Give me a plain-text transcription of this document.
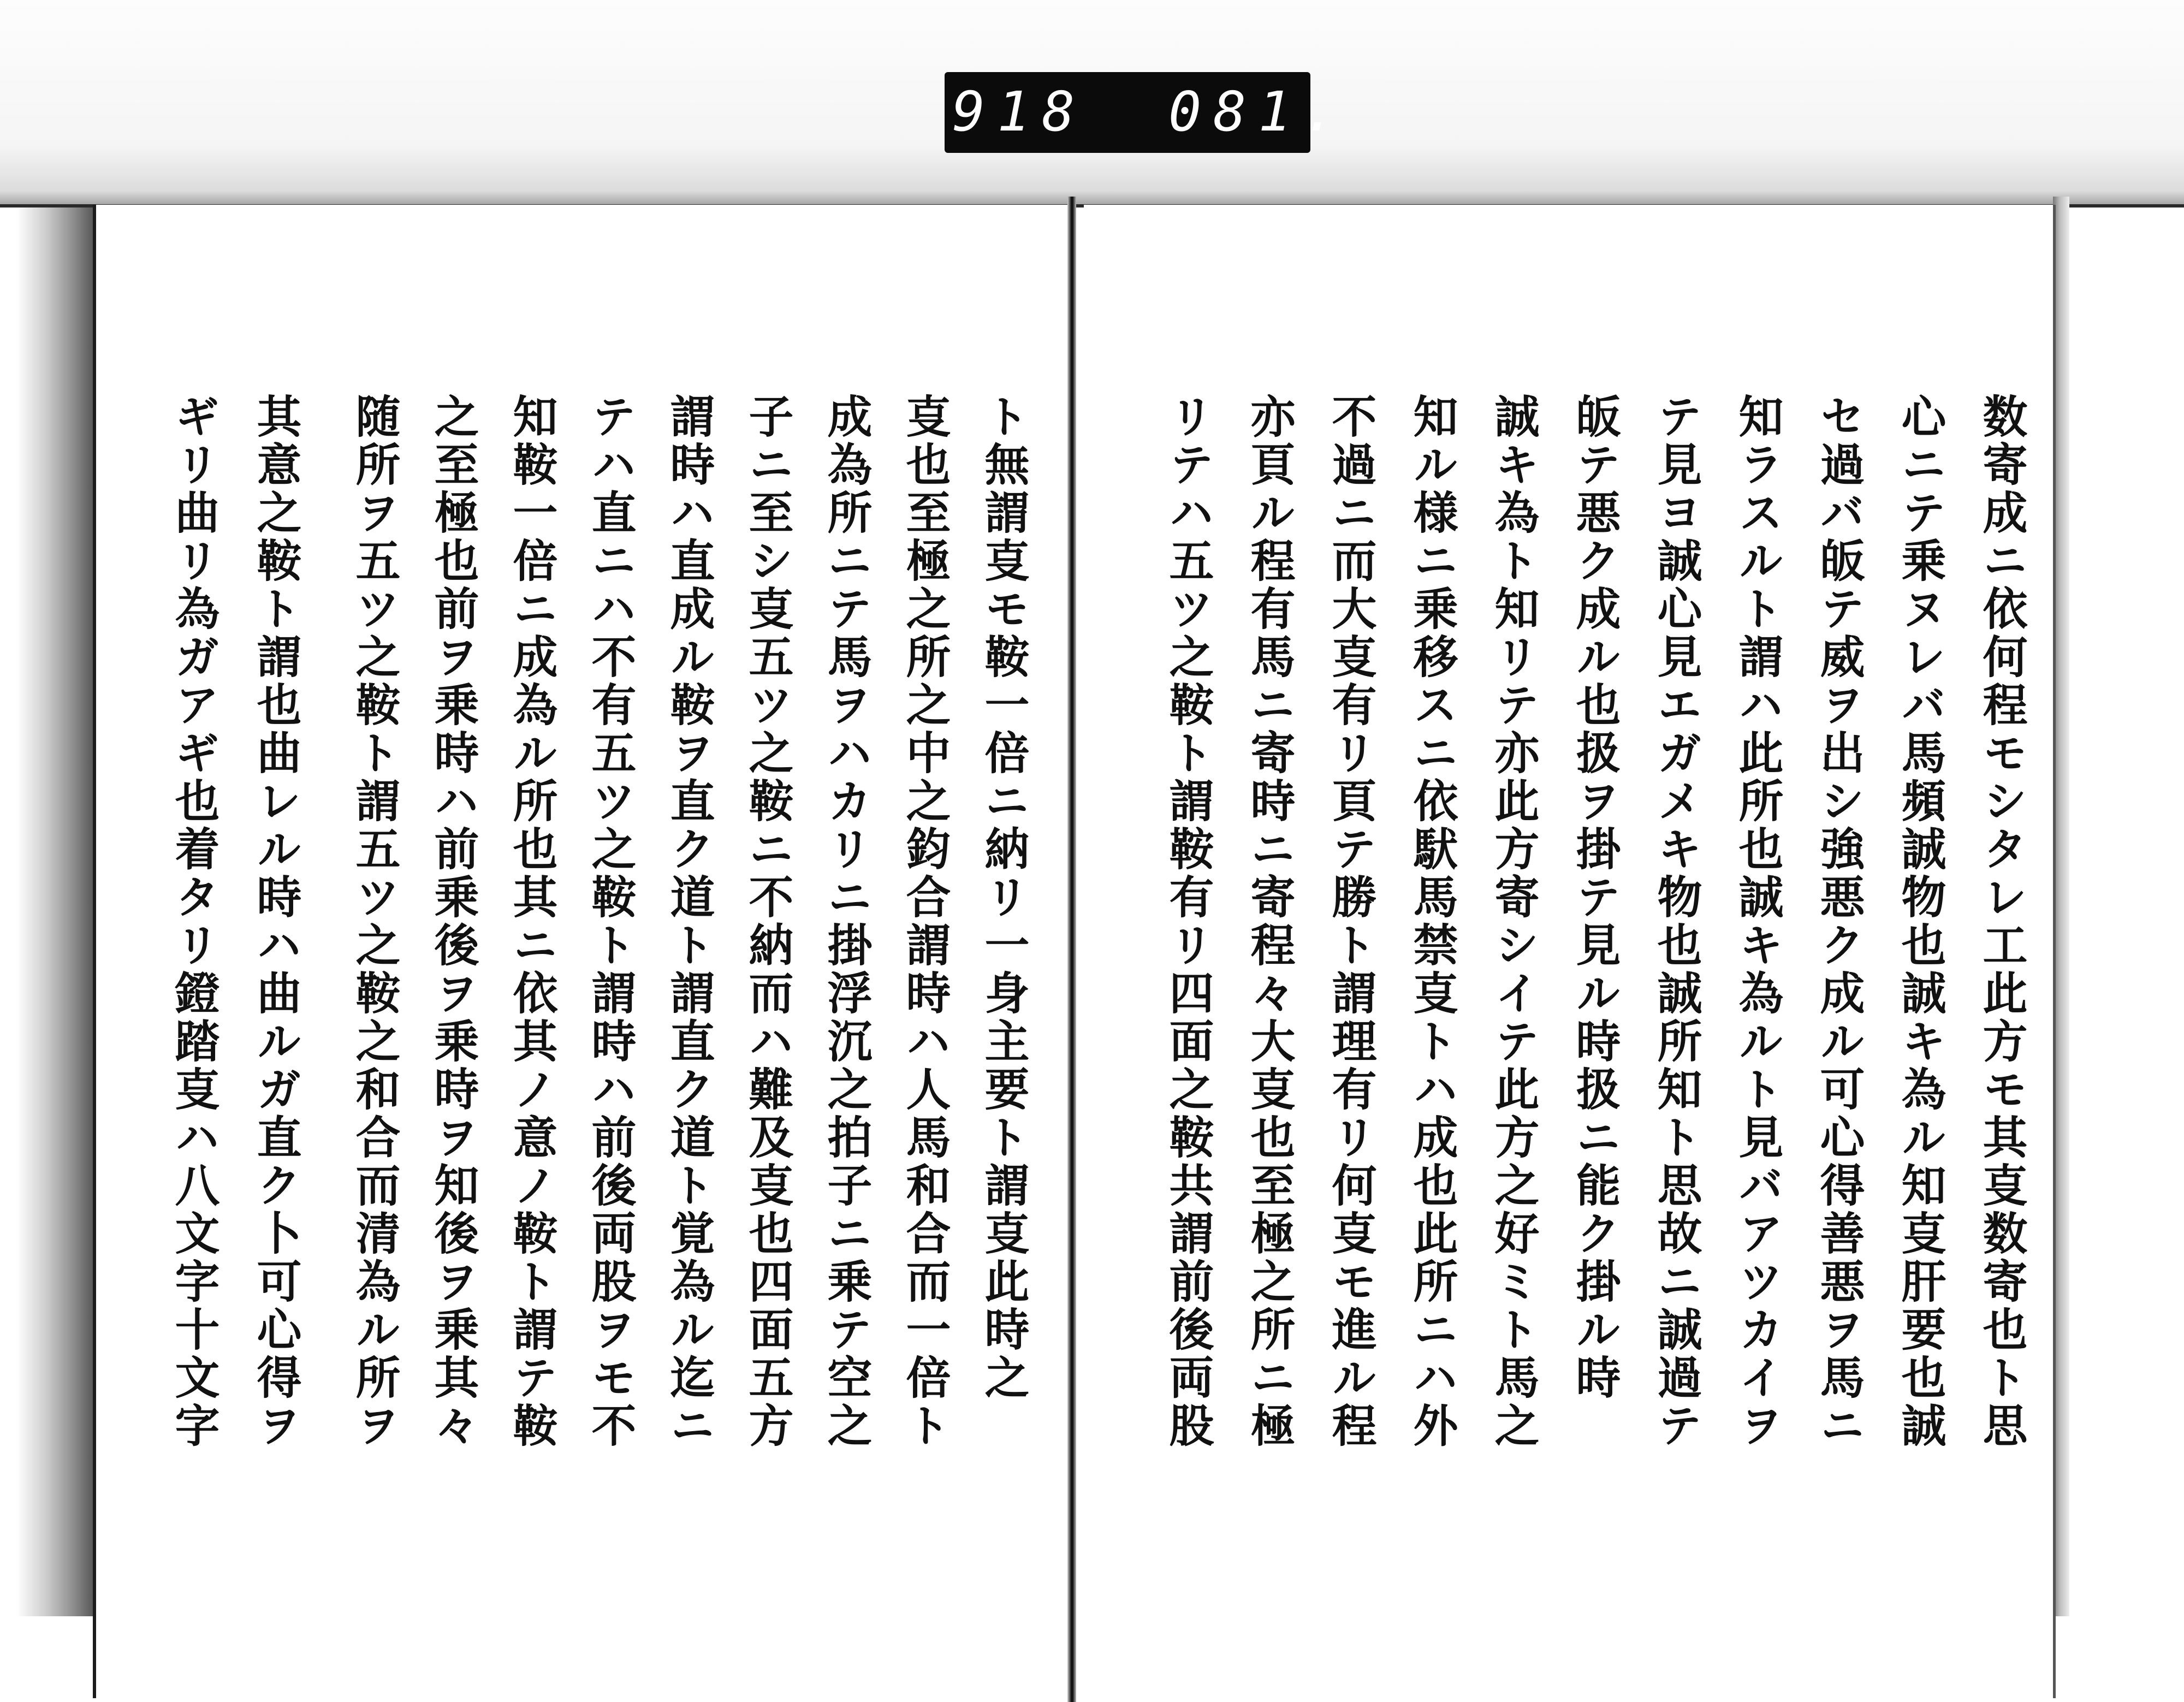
918 081.
数寄成ニ依何程モシタレ工此方モ其㕝数寄也ト思
心ニテ乗ヌレバ馬頻誠物也誠キ為ル知㕝肝要也誠
セ過バ皈テ威ヲ出シ強悪ク成ル可心得善悪ヲ馬ニ
知ラスルト謂ハ此所也誠キ為ルト見バアツカイヲ
テ見ヨ誠心見エガメキ物也誠所知ト思故ニ誠過テ
皈テ悪ク成ル也扱ヲ掛テ見ル時扱ニ能ク掛ル時
誠キ為ト知リテ亦此方寄シイテ此方之好ミト馬之
知ル様ニ乗移スニ依䭾馬禁㕝トハ成也此所ニハ外
不過ニ而大㕝有リ頁テ勝ト謂理有リ何㕝モ進ル程
亦頁ル程有馬ニ寄時ニ寄程々大㕝也至極之所ニ極
リテハ五ツ之鞍ト謂鞍有リ四面之鞍共謂前後両股
ト無謂㕝モ鞍一倍ニ納リ一身主要ト謂㕝此時之
㕝也至極之所之中之鈞合謂時ハ人馬和合而一倍ト
成為所ニテ馬ヲハカリニ掛浮沉之拍子ニ乗テ空之
子ニ至シ㕝五ツ之鞍ニ不納而ハ難及㕝也四面五方
謂時ハ直成ル鞍ヲ直ク道ト謂直ク道ト覚為ル迄ニ
テハ直ニハ不有五ツ之鞍ト謂時ハ前後両股ヲモ不
知鞍一倍ニ成為ル所也其ニ依其ノ意ノ鞍ト謂テ鞍
之至極也前ヲ乗時ハ前乗後ヲ乗時ヲ知後ヲ乗其々
随所ヲ五ツ之鞍ト謂五ツ之鞍之和合而清為ル所ヲ
其意之鞍ト謂也曲レル時ハ曲ルガ直ク卜可心得ヲ
ギリ曲リ為ガアギ也着タリ鐙踏㕝ハ八文字十文字
